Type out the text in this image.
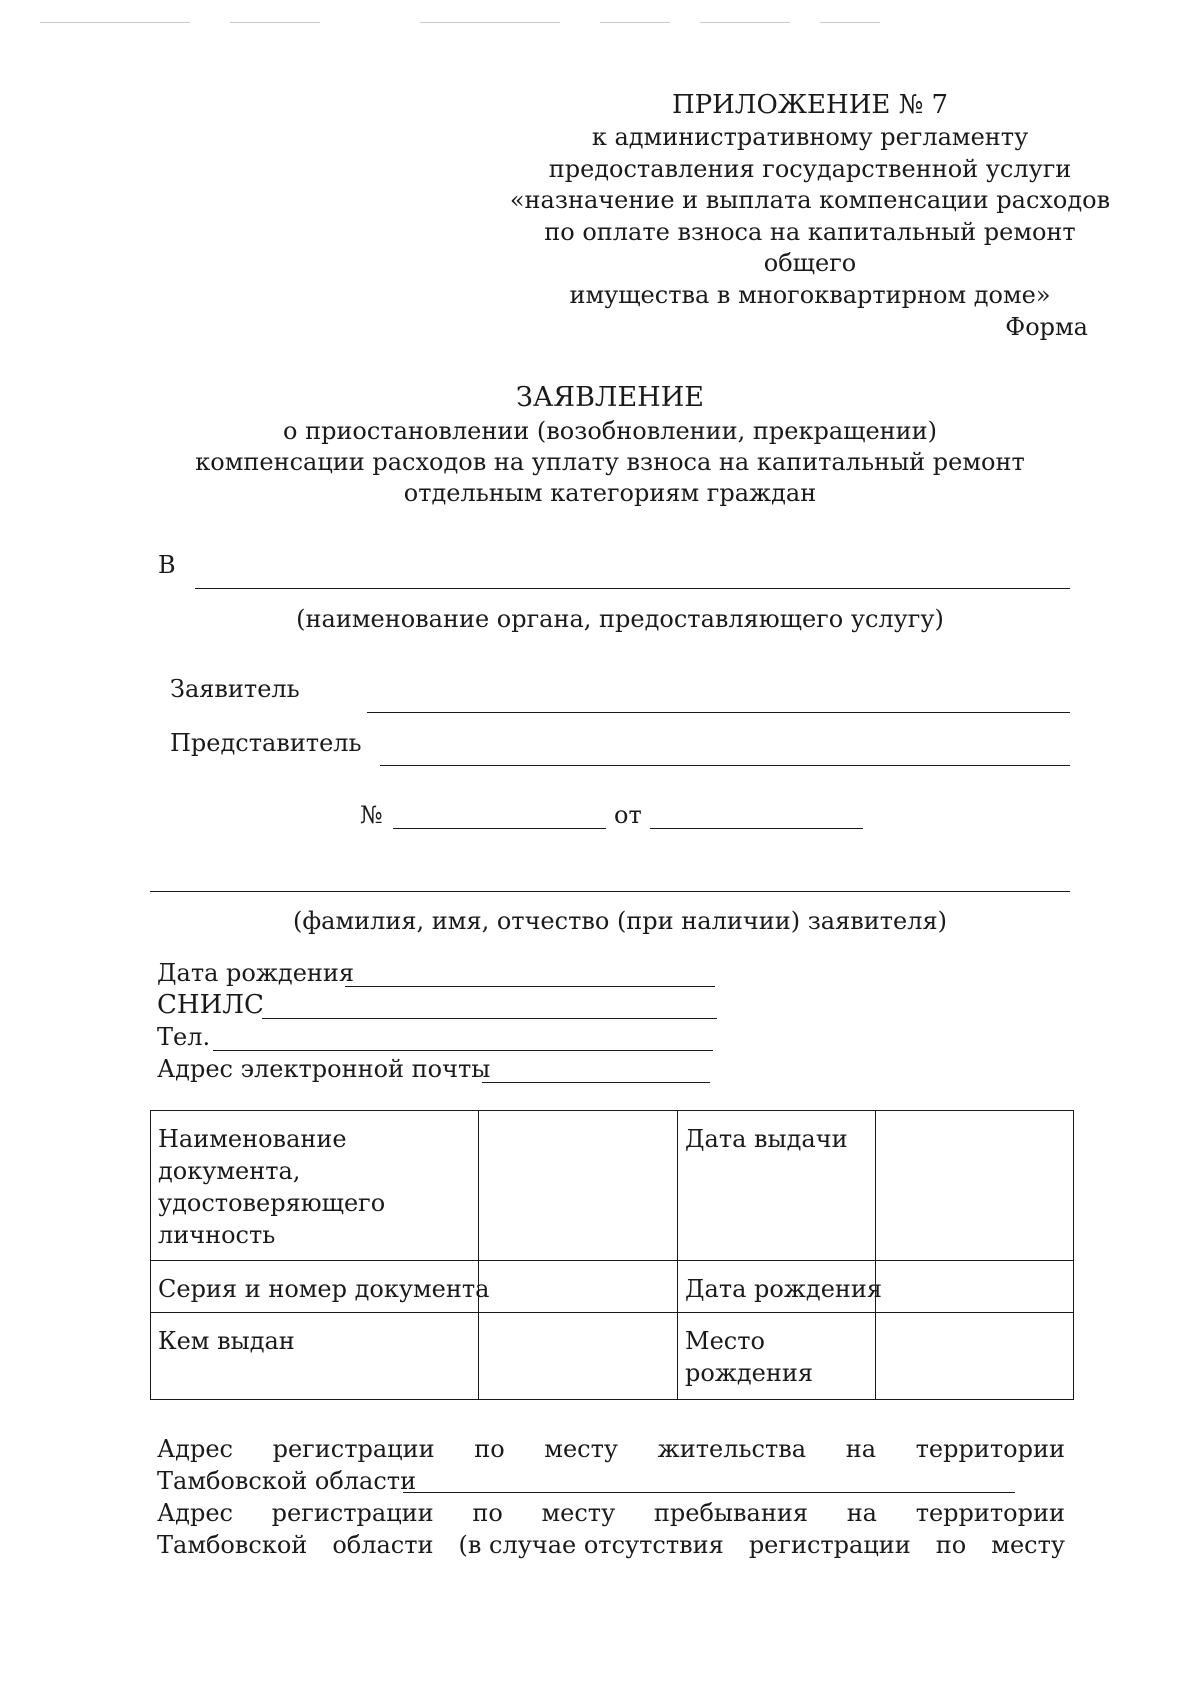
ПРИЛОЖЕНИЕ № 7
к административному регламенту
предоставления государственной услуги
«назначение и выплата компенсации расходов
по оплате взноса на капитальный ремонт общего
имущества в многоквартирном доме»
Форма
ЗАЯВЛЕНИЕ
о приостановлении (возобновлении, прекращении)
компенсации расходов на уплату взноса на капитальный ремонт
отдельным категориям граждан
В
(наименование органа, предоставляющего услугу)
Заявитель
Представитель
№	от
(фамилия, имя, отчество (при наличии) заявителя)
Дата рождения
СНИЛС
Тел.
Адрес электронной почты
Наименование документа, удостоверяющего личность		Дата выдачи	
Серия и номер документа		Дата рождения	
Кем выдан		Место рождения	
Адрес регистрации по месту жительства на территории
Тамбовской области
Адрес регистрации по месту пребывания на территории
Тамбовской области (в случае отсутствия регистрации по месту
